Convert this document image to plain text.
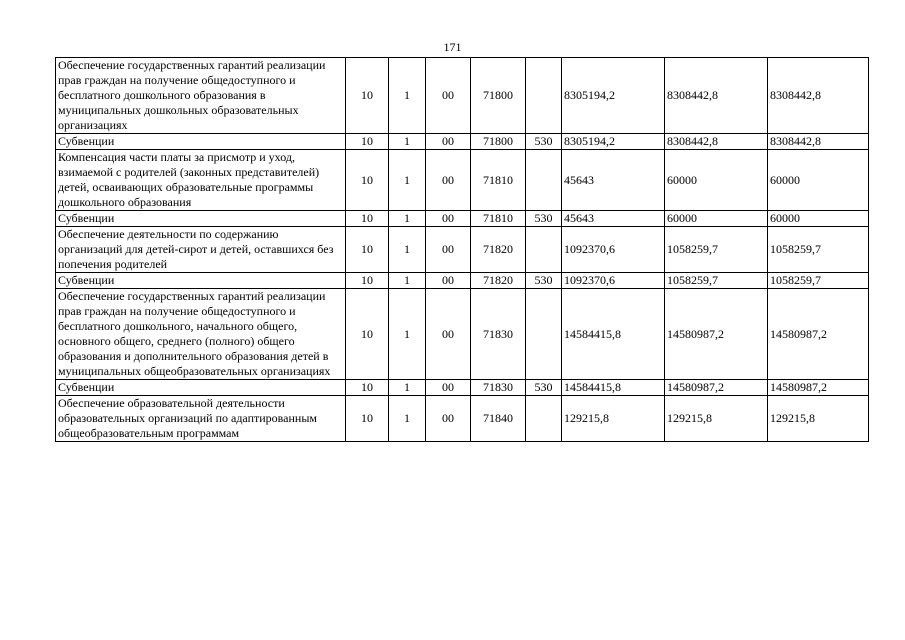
171
Обеспечение государственных гарантий реализации прав граждан на получение общедоступного и бесплатного дошкольного образования в муниципальных дошкольных образовательных организациях	10	1	00	71800		8305194,2	8308442,8	8308442,8
Субвенции	10	1	00	71800	530	8305194,2	8308442,8	8308442,8
Компенсация части платы за присмотр и уход, взимаемой с родителей (законных представителей) детей, осваивающих образовательные программы дошкольного образования	10	1	00	71810		45643	60000	60000
Субвенции	10	1	00	71810	530	45643	60000	60000
Обеспечение деятельности по содержанию организаций для детей-сирот и детей, оставшихся без попечения родителей	10	1	00	71820		1092370,6	1058259,7	1058259,7
Субвенции	10	1	00	71820	530	1092370,6	1058259,7	1058259,7
Обеспечение государственных гарантий реализации прав граждан на получение общедоступного и бесплатного дошкольного, начального общего, основного общего, среднего (полного) общего образования и дополнительного образования детей в муниципальных общеобразовательных организациях	10	1	00	71830		14584415,8	14580987,2	14580987,2
Субвенции	10	1	00	71830	530	14584415,8	14580987,2	14580987,2
Обеспечение образовательной деятельности образовательных организаций по адаптированным общеобразовательным программам	10	1	00	71840		129215,8	129215,8	129215,8
